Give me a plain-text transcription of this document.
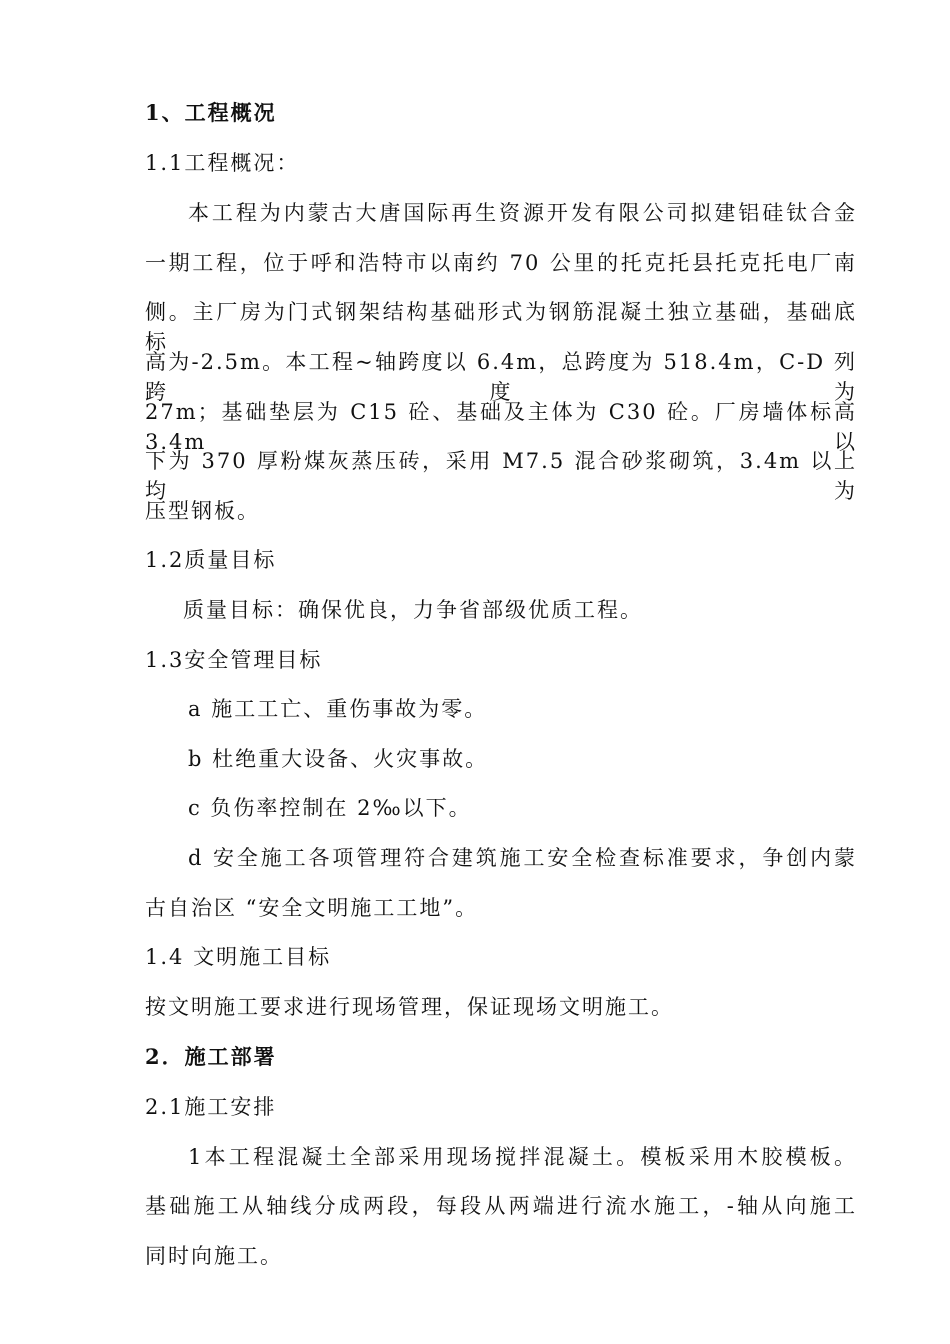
1、工程概况
1.1工程概况：
本工程为内蒙古大唐国际再生资源开发有限公司拟建铝硅钛合金
一期工程，位于呼和浩特市以南约 70 公里的托克托县托克托电厂南
侧。主厂房为门式钢架结构基础形式为钢筋混凝土独立基础，基础底标
高为-2.5m。本工程~轴跨度以 6.4m，总跨度为 518.4m，C-D 列跨度为
27m；基础垫层为 C15 砼、基础及主体为 C30 砼。厂房墙体标高 3.4m 以
下为 370 厚粉煤灰蒸压砖，采用 M7.5 混合砂浆砌筑，3.4m 以上均为
压型钢板。
1.2质量目标
质量目标：确保优良，力争省部级优质工程。
1.3安全管理目标
a 施工工亡、重伤事故为零。
b 杜绝重大设备、火灾事故。
c 负伤率控制在 2‰以下。
d 安全施工各项管理符合建筑施工安全检查标准要求，争创内蒙
古自治区 “安全文明施工工地”。
1.4 文明施工目标
按文明施工要求进行现场管理，保证现场文明施工。
2．施工部署
2.1施工安排
1本工程混凝土全部采用现场搅拌混凝土。模板采用木胶模板。
基础施工从轴线分成两段，每段从两端进行流水施工，-轴从向施工
同时向施工。
